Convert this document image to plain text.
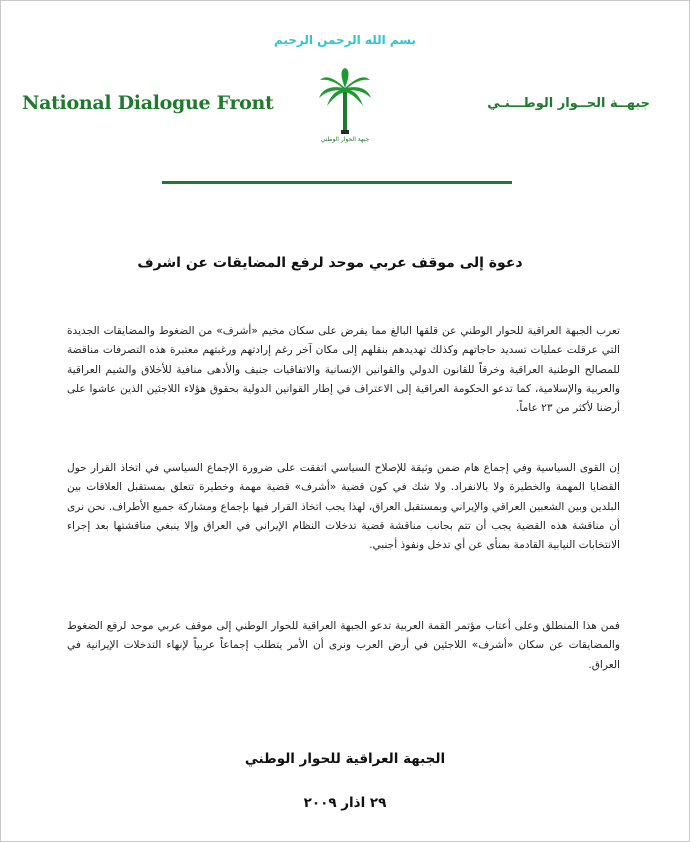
بسم الله الرحمن الرحيم
National Dialogue Front
جبهة الحوار الوطني
جبهــة الحــوار الوطـــنـي
دعوة إلى موقف عربي موحد لرفع المضايقات عن اشرف
تعرب الجبهة العراقية للحوار الوطني عن قلقها البالغ مما يفرض على سكان مخيم «أشرف» من الضغوط والمضايقات الجديدة التي عرقلت عمليات تسديد حاجاتهم وكذلك تهديدهم بنقلهم إلى مكان آخر رغم إرادتهم ورغبتهم معتبرة هذه التصرفات مناقضة للمصالح الوطنية العراقية وخرقاً للقانون الدولي والقوانين الإنسانية والاتفاقيات جنيف والأدهى منافية للأخلاق والشيم العراقية والعربية والإسلامية، كما تدعو الحكومة العراقية إلى الاعتراف في إطار القوانين الدولية بحقوق هؤلاء اللاجئين الذين عاشوا على أرضنا لأكثر من ٢٣ عاماً.
إن القوى السياسية وفي إجماع هام ضمن وثيقة للإصلاح السياسي اتفقت على ضرورة الإجماع السياسي في اتخاذ القرار حول القضايا المهمة والخطيرة ولا بالانفراد. ولا شك في كون قضية «أشرف» قضية مهمة وخطيرة تتعلق بمستقبل العلاقات بين البلدين وبين الشعبين العراقي والإيراني وبمستقبل العراق، لهذا يجب اتخاذ القرار فيها بإجماع ومشاركة جميع الأطراف. نحن نرى أن مناقشة هذه القضية يجب أن تتم بجانب مناقشة قضية تدخلات النظام الإيراني في العراق وإلا ينبغي مناقشتها بعد إجراء الانتخابات النيابية القادمة بمنأى عن أي تدخل ونفوذ أجنبي.
فمن هذا المنطلق وعلى أعتاب مؤتمر القمة العربية تدعو الجبهة العراقية للحوار الوطني إلى موقف عربي موحد لرفع الضغوط والمضايقات عن سكان «أشرف» اللاجئين في أرض العرب ونرى أن الأمر يتطلب إجماعاً عربياً لإنهاء التدخلات الإيرانية في العراق.
الجبهة العراقية للحوار الوطني
٢٩ اذار ٢٠٠٩
